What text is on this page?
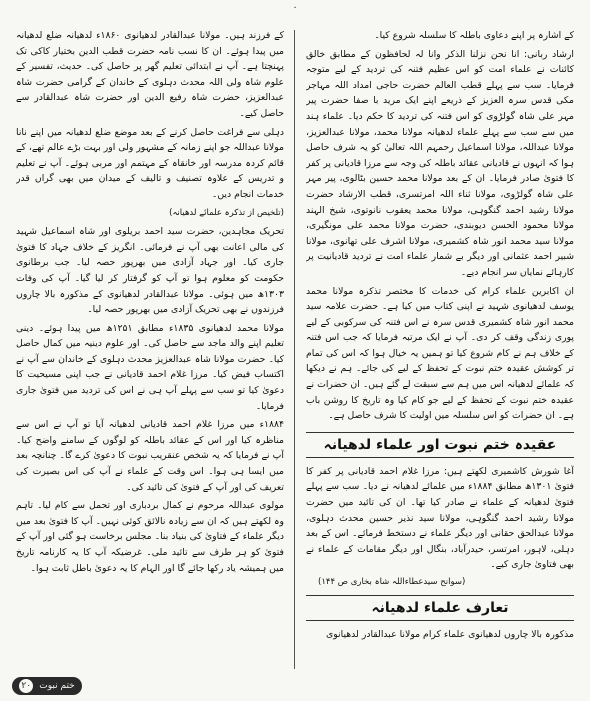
۰

کے اشارہ پر اپنے دعاوی باطلہ کا سلسلہ شروع کیا۔

ارشاد ربانی: انا نحن نزلنا الذکر وانا لہ لحافظون کے مطابق خالق کائنات نے علماء امت کو اس عظیم فتنہ کی تردید کے لیے متوجہ فرمایا۔ سب سے پہلے قطب العالم حضرت حاجی امداد اللہ مہاجر مکی قدس سرہ العزیز کے ذریعے اپنے ایک مرید با صفا حضرت پیر مہر علی شاہ گولڑوی کو اس فتنہ کی تردید کا حکم دیا۔ علماء ہند میں سے سب سے پہلے علماء لدھیانہ مولانا محمد، مولانا عبدالعزیز، مولانا عبداللہ، مولانا اسماعیل رحمہم اللہ تعالیٰ کو یہ شرف حاصل ہوا کہ انہوں نے قادیانی عقائد باطلہ کی وجہ سے مرزا قادیانی پر کفر کا فتویٰ صادر فرمایا۔ ان کے بعد مولانا محمد حسین بٹالوی، پیر مہر علی شاہ گولڑوی، مولانا ثناء اللہ امرتسری، قطب الارشاد حضرت مولانا رشید احمد گنگوہی، مولانا محمد یعقوب نانوتوی، شیخ الہند مولانا محمود الحسن دیوبندی، حضرت مولانا محمد علی مونگیری، مولانا سید محمد انور شاہ کشمیری، مولانا اشرف علی تھانوی، مولانا شبیر احمد عثمانی اور دیگر بے شمار علماء امت نے تردید قادیانیت پر کارہائے نمایاں سر انجام دیے۔

ان اکابرین علماء کرام کی خدمات کا مختصر تذکرہ مولانا محمد یوسف لدھیانوی شہید نے اپنی کتاب میں کیا ہے۔ حضرت علامہ سید محمد انور شاہ کشمیری قدس سرہ نے اس فتنہ کی سرکوبی کے لیے پوری زندگی وقف کر دی۔ آپ نے ایک مرتبہ فرمایا کہ جب اس فتنہ کے خلاف ہم نے کام شروع کیا تو ہمیں یہ خیال ہوا کہ اس کی تمام تر کوشش عقیدہ ختم نبوت کے تحفظ کے لیے کی جائے۔ ہم نے دیکھا کہ علمائے لدھیانہ اس میں ہم سے سبقت لے گئے ہیں۔ ان حضرات نے عقیدہ ختم نبوت کے تحفظ کے لیے جو کام کیا وہ تاریخ کا روشن باب ہے۔ ان حضرات کو اس سلسلہ میں اولیت کا شرف حاصل ہے۔

عقیدہ ختم نبوت اور علماء لدھیانہ

آغا شورش کاشمیری لکھتے ہیں: مرزا غلام احمد قادیانی پر کفر کا فتویٰ ۱۳۰۱ھ مطابق ۱۸۸۴ء میں علمائے لدھیانہ نے دیا۔ سب سے پہلے فتویٰ لدھیانہ کے علماء نے صادر کیا تھا۔ ان کی تائید میں حضرت مولانا رشید احمد گنگوہی، مولانا سید نذیر حسین محدث دہلوی، مولانا عبدالحق حقانی اور دیگر علماء نے دستخط فرمائے۔ اس کے بعد دہلی، لاہور، امرتسر، حیدرآباد، بنگال اور دیگر مقامات کے علماء نے بھی فتاویٰ جاری کیے۔

(سوانح سیدعطاءاللہ شاہ بخاری ص ۱۴۴)

تعارف علماء لدھیانہ

مذکورہ بالا چاروں لدھیانوی علماء کرام مولانا عبدالقادر لدھیانوی

کے فرزند ہیں۔ مولانا عبدالقادر لدھیانوی ۱۸۶۰ء لدھیانہ ضلع لدھیانہ میں پیدا ہوئے۔ ان کا نسب نامہ حضرت قطب الدین بختیار کاکی تک پہنچتا ہے۔ آپ نے ابتدائی تعلیم گھر پر حاصل کی۔ حدیث، تفسیر کے علوم شاہ ولی اللہ محدث دہلوی کے خاندان کے گرامی حضرت شاہ عبدالعزیز، حضرت شاہ رفیع الدین اور حضرت شاہ عبدالقادر سے حاصل کیے۔

دہلی سے فراغت حاصل کرنے کے بعد موضع ضلع لدھیانہ میں اپنے نانا مولانا عبداللہ جو اپنے زمانہ کے مشہور ولی اور بہت بڑے عالم تھے، کے قائم کردہ مدرسہ اور خانقاہ کے مہتمم اور مربی ہوئے۔ آپ نے تعلیم و تدریس کے علاوہ تصنیف و تالیف کے میدان میں بھی گراں قدر خدمات انجام دیں۔

(تلخیص از تذکرہ علمائے لدھیانہ)

تحریک مجاہدین، حضرت سید احمد بریلوی اور شاہ اسماعیل شہید کی مالی اعانت بھی آپ نے فرمائی۔ انگریز کے خلاف جہاد کا فتویٰ جاری کیا۔ اور جہاد آزادی میں بھرپور حصہ لیا۔ جب برطانوی حکومت کو معلوم ہوا تو آپ کو گرفتار کر لیا گیا۔ آپ کی وفات ۱۳۰۳ھ میں ہوئی۔ مولانا عبدالقادر لدھیانوی کے مذکورہ بالا چاروں فرزندوں نے بھی تحریک آزادی میں بھرپور حصہ لیا۔

مولانا محمد لدھیانوی ۱۸۳۵ء مطابق ۱۲۵۱ھ میں پیدا ہوئے۔ دینی تعلیم اپنے والد ماجد سے حاصل کی۔ اور علوم دینیہ میں کمال حاصل کیا۔ حضرت مولانا شاہ عبدالعزیز محدث دہلوی کے خاندان سے آپ نے اکتساب فیض کیا۔ مرزا غلام احمد قادیانی نے جب اپنی مسیحیت کا دعویٰ کیا تو سب سے پہلے آپ ہی نے اس کی تردید میں فتویٰ جاری فرمایا۔

۱۸۸۴ء میں مرزا غلام احمد قادیانی لدھیانہ آیا تو آپ نے اس سے مناظرہ کیا اور اس کے عقائد باطلہ کو لوگوں کے سامنے واضح کیا۔ آپ نے فرمایا کہ یہ شخص عنقریب نبوت کا دعویٰ کرے گا۔ چنانچہ بعد میں ایسا ہی ہوا۔ اس وقت کے علماء نے آپ کی اس بصیرت کی تعریف کی اور آپ کے فتویٰ کی تائید کی۔

مولوی عبداللہ مرحوم نے کمال بردباری اور تحمل سے کام لیا۔ تاہم وہ لکھتے ہیں کہ ان سے زیادہ نالائق کوئی نہیں۔ آپ کا فتویٰ بعد میں دیگر علماء کے فتاویٰ کی بنیاد بنا۔ مجلس برخاست ہو گئی اور آپ کے فتویٰ کو ہر طرف سے تائید ملی۔ غرضیکہ آپ کا یہ کارنامہ تاریخ میں ہمیشہ یاد رکھا جائے گا اور الہام کا یہ دعویٰ باطل ثابت ہوا۔

۲۰ ختم نبوت
